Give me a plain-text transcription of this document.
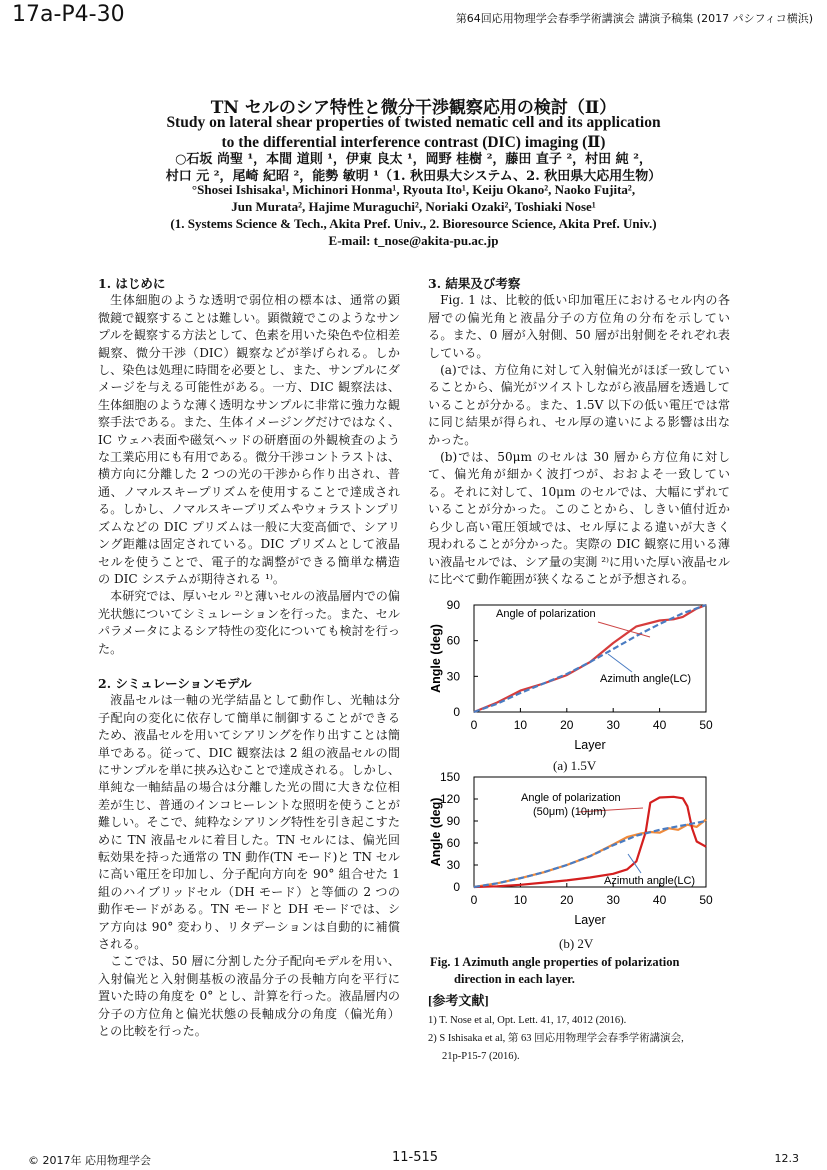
17a-P4-30	第64回応用物理学会春季学術講演会 講演予稿集 (2017 パシフィコ横浜)
TN セルのシア特性と微分干渉観察応用の検討（Ⅱ）
Study on lateral shear properties of twisted nematic cell and its application
to the differential interference contrast (DIC) imaging (Ⅱ)
○石坂 尚聖 ¹，本間 道則 ¹，伊東 良太 ¹，岡野 桂樹 ²，藤田 直子 ²，村田 純 ²，
村口 元 ²，尾崎 紀昭 ²，能勢 敏明 ¹（1. 秋田県大システム、2. 秋田県大応用生物）
°Shosei Ishisaka¹, Michinori Honma¹, Ryouta Ito¹, Keiju Okano², Naoko Fujita²,
Jun Murata², Hajime Muraguchi², Noriaki Ozaki², Toshiaki Nose¹
(1. Systems Science & Tech., Akita Pref. Univ., 2. Bioresource Science, Akita Pref. Univ.)
E-mail: t_nose@akita-pu.ac.jp
1. はじめに

生体細胞のような透明で弱位相の標本は、通常の顕微鏡で観察することは難しい。顕微鏡でこのようなサンプルを観察する方法として、色素を用いた染色や位相差観察、微分干渉（DIC）観察などが挙げられる。しかし、染色は処理に時間を必要とし、また、サンプルにダメージを与える可能性がある。一方、DIC 観察法は、生体細胞のような薄く透明なサンプルに非常に強力な観察手法である。また、生体イメージングだけではなく、IC ウェハ表面や磁気ヘッドの研磨面の外観検査のような工業応用にも有用である。微分干渉コントラストは、横方向に分離した 2 つの光の干渉から作り出され、普通、ノマルスキープリズムを使用することで達成される。しかし、ノマルスキープリズムやウォラストンプリズムなどの DIC プリズムは一般に大変高価で、シアリング距離は固定されている。DIC プリズムとして液晶セルを使うことで、電子的な調整ができる簡単な構造の DIC システムが期待される ¹⁾。

本研究では、厚いセル ²⁾と薄いセルの液晶層内での偏光状態についてシミュレーションを行った。また、セルパラメータによるシア特性の変化についても検討を行った。

2. シミュレーションモデル

液晶セルは一軸の光学結晶として動作し、光軸は分子配向の変化に依存して簡単に制御することができるため、液晶セルを用いてシアリングを作り出すことは簡単である。従って、DIC 観察法は 2 組の液晶セルの間にサンプルを単に挟み込むことで達成される。しかし、単純な一軸結晶の場合は分離した光の間に大きな位相差が生じ、普通のインコヒーレントな照明を使うことが難しい。そこで、純粋なシアリング特性を引き起こすために TN 液晶セルに着目した。TN セルには、偏光回転効果を持った通常の TN 動作(TN モード)と TN セルに高い電圧を印加し、分子配向方向を 90° 組合せた 1 組のハイブリッドセル（DH モード）と等価の 2 つの動作モードがある。TN モードと DH モードでは、シア方向は 90° 変わり、リタデーションは自動的に補償される。

ここでは、50 層に分割した分子配向モデルを用い、入射偏光と入射側基板の液晶分子の長軸方向を平行に置いた時の角度を 0° とし、計算を行った。液晶層内の分子の方位角と偏光状態の長軸成分の角度（偏光角）との比較を行った。

3. 結果及び考察

Fig. 1 は、比較的低い印加電圧におけるセル内の各層での偏光角と液晶分子の方位角の分布を示している。また、0 層が入射側、50 層が出射側をそれぞれ表している。

(a)では、方位角に対して入射偏光がほぼ一致していることから、偏光がツイストしながら液晶層を透過していることが分かる。また、1.5V 以下の低い電圧では常に同じ結果が得られ、セル厚の違いによる影響は出なかった。

(b)では、50μm のセルは 30 層から方位角に対して、偏光角が細かく波打つが、おおよそ一致している。それに対して、10μm のセルでは、大幅にずれていることが分かった。このことから、しきい値付近から少し高い電圧領域では、セル厚による違いが大きく現われることが分かった。実際の DIC 観察に用いる薄い液晶セルでは、シア量の実測 ²⁾に用いた厚い液晶セルに比べて動作範囲が狭くなることが予想される。

0	10	20	30	40	50
0
30
60
90
Layer
Angle (deg)
Angle of polarization
Azimuth angle(LC)
(a) 1.5V
0	10	20	30	40	50
0
30
60
90
120
150
Layer
Angle (deg)	Angle of polarization
(50μm) (10μm)
Azimuth angle(LC)
(b) 2V
Fig. 1 Azimuth angle properties of polarization
direction in each layer.
[参考文献]
1) T. Nose et al, Opt. Lett. 41, 17, 4012 (2016).
2) S Ishisaka et al, 第 63 回応用物理学会春季学術講演会,
21p-P15-7 (2016).
© 2017年 応用物理学会	11-515	12.3
